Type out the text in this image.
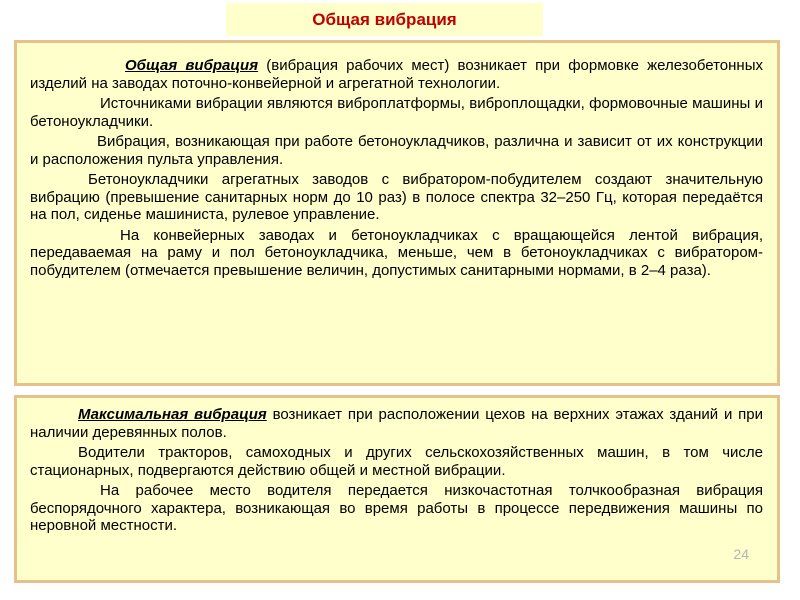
Общая вибрация

Общая вибрация (вибрация рабочих мест) возникает при формовке железобетонных изделий на заводах поточно-конвейерной и агрегатной технологии.

Источниками вибрации являются виброплатформы, виброплощадки, формовочные машины и бетоноукладчики.

Вибрация, возникающая при работе бетоноукладчиков, различна и зависит от их конструкции и расположения пульта управления.

Бетоноукладчики агрегатных заводов с вибратором-побудителем создают значительную вибрацию (превышение санитарных норм до 10 раз) в полосе спектра 32–250 Гц, которая передаётся на пол, сиденье машиниста, рулевое управление.

На конвейерных заводах и бетоноукладчиках с вращающейся лентой вибрация, передаваемая на раму и пол бетоноукладчика, меньше, чем в бетоноукладчиках с вибратором-побудителем (отмечается превышение величин, допустимых санитарными нормами, в 2–4 раза).

Максимальная вибрация возникает при расположении цехов на верхних этажах зданий и при наличии деревянных полов.

Водители тракторов, самоходных и других сельскохозяйственных машин, в том числе стационарных, подвергаются действию общей и местной вибрации.

На рабочее место водителя передается низкочастотная толчкообразная вибрация беспорядочного характера, возникающая во время работы в процессе передвижения машины по неровной местности.

24
